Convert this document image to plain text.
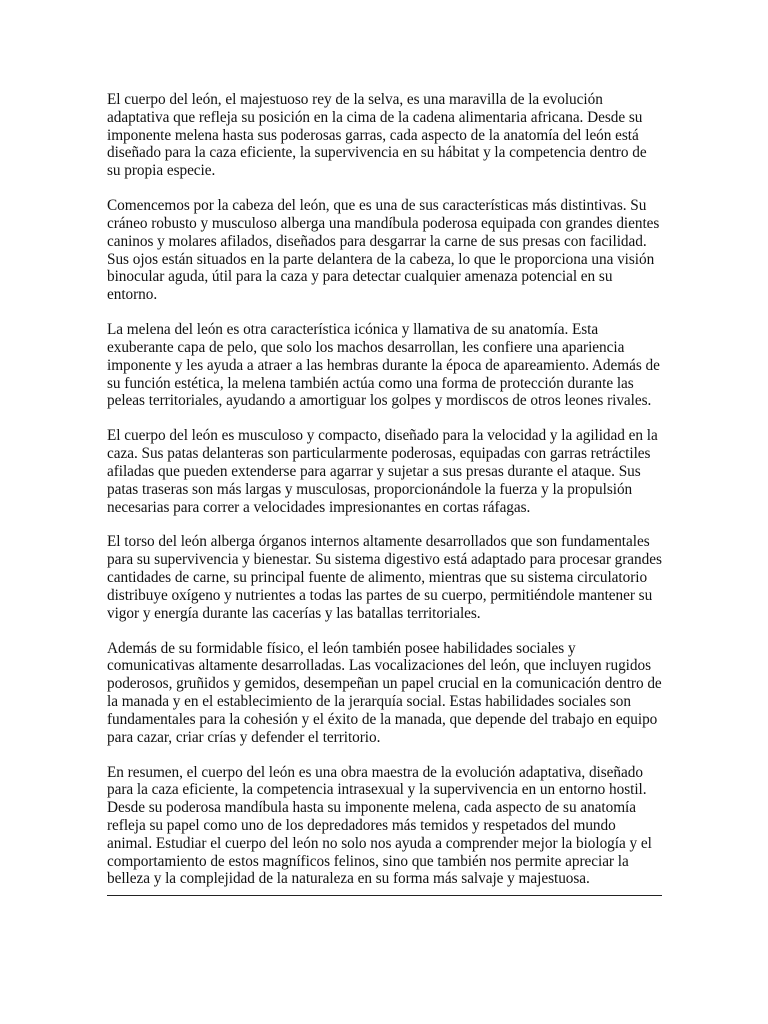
El cuerpo del león, el majestuoso rey de la selva, es una maravilla de la evolución adaptativa que refleja su posición en la cima de la cadena alimentaria africana. Desde su imponente melena hasta sus poderosas garras, cada aspecto de la anatomía del león está diseñado para la caza eficiente, la supervivencia en su hábitat y la competencia dentro de su propia especie.

Comencemos por la cabeza del león, que es una de sus características más distintivas. Su cráneo robusto y musculoso alberga una mandíbula poderosa equipada con grandes dientes caninos y molares afilados, diseñados para desgarrar la carne de sus presas con facilidad. Sus ojos están situados en la parte delantera de la cabeza, lo que le proporciona una visión binocular aguda, útil para la caza y para detectar cualquier amenaza potencial en su entorno.

La melena del león es otra característica icónica y llamativa de su anatomía. Esta exuberante capa de pelo, que solo los machos desarrollan, les confiere una apariencia imponente y les ayuda a atraer a las hembras durante la época de apareamiento. Además de su función estética, la melena también actúa como una forma de protección durante las peleas territoriales, ayudando a amortiguar los golpes y mordiscos de otros leones rivales.

El cuerpo del león es musculoso y compacto, diseñado para la velocidad y la agilidad en la caza. Sus patas delanteras son particularmente poderosas, equipadas con garras retráctiles afiladas que pueden extenderse para agarrar y sujetar a sus presas durante el ataque. Sus patas traseras son más largas y musculosas, proporcionándole la fuerza y la propulsión necesarias para correr a velocidades impresionantes en cortas ráfagas.

El torso del león alberga órganos internos altamente desarrollados que son fundamentales para su supervivencia y bienestar. Su sistema digestivo está adaptado para procesar grandes cantidades de carne, su principal fuente de alimento, mientras que su sistema circulatorio distribuye oxígeno y nutrientes a todas las partes de su cuerpo, permitiéndole mantener su vigor y energía durante las cacerías y las batallas territoriales.

Además de su formidable físico, el león también posee habilidades sociales y comunicativas altamente desarrolladas. Las vocalizaciones del león, que incluyen rugidos poderosos, gruñidos y gemidos, desempeñan un papel crucial en la comunicación dentro de la manada y en el establecimiento de la jerarquía social. Estas habilidades sociales son fundamentales para la cohesión y el éxito de la manada, que depende del trabajo en equipo para cazar, criar crías y defender el territorio.

En resumen, el cuerpo del león es una obra maestra de la evolución adaptativa, diseñado para la caza eficiente, la competencia intrasexual y la supervivencia en un entorno hostil. Desde su poderosa mandíbula hasta su imponente melena, cada aspecto de su anatomía refleja su papel como uno de los depredadores más temidos y respetados del mundo animal. Estudiar el cuerpo del león no solo nos ayuda a comprender mejor la biología y el comportamiento de estos magníficos felinos, sino que también nos permite apreciar la belleza y la complejidad de la naturaleza en su forma más salvaje y majestuosa.
